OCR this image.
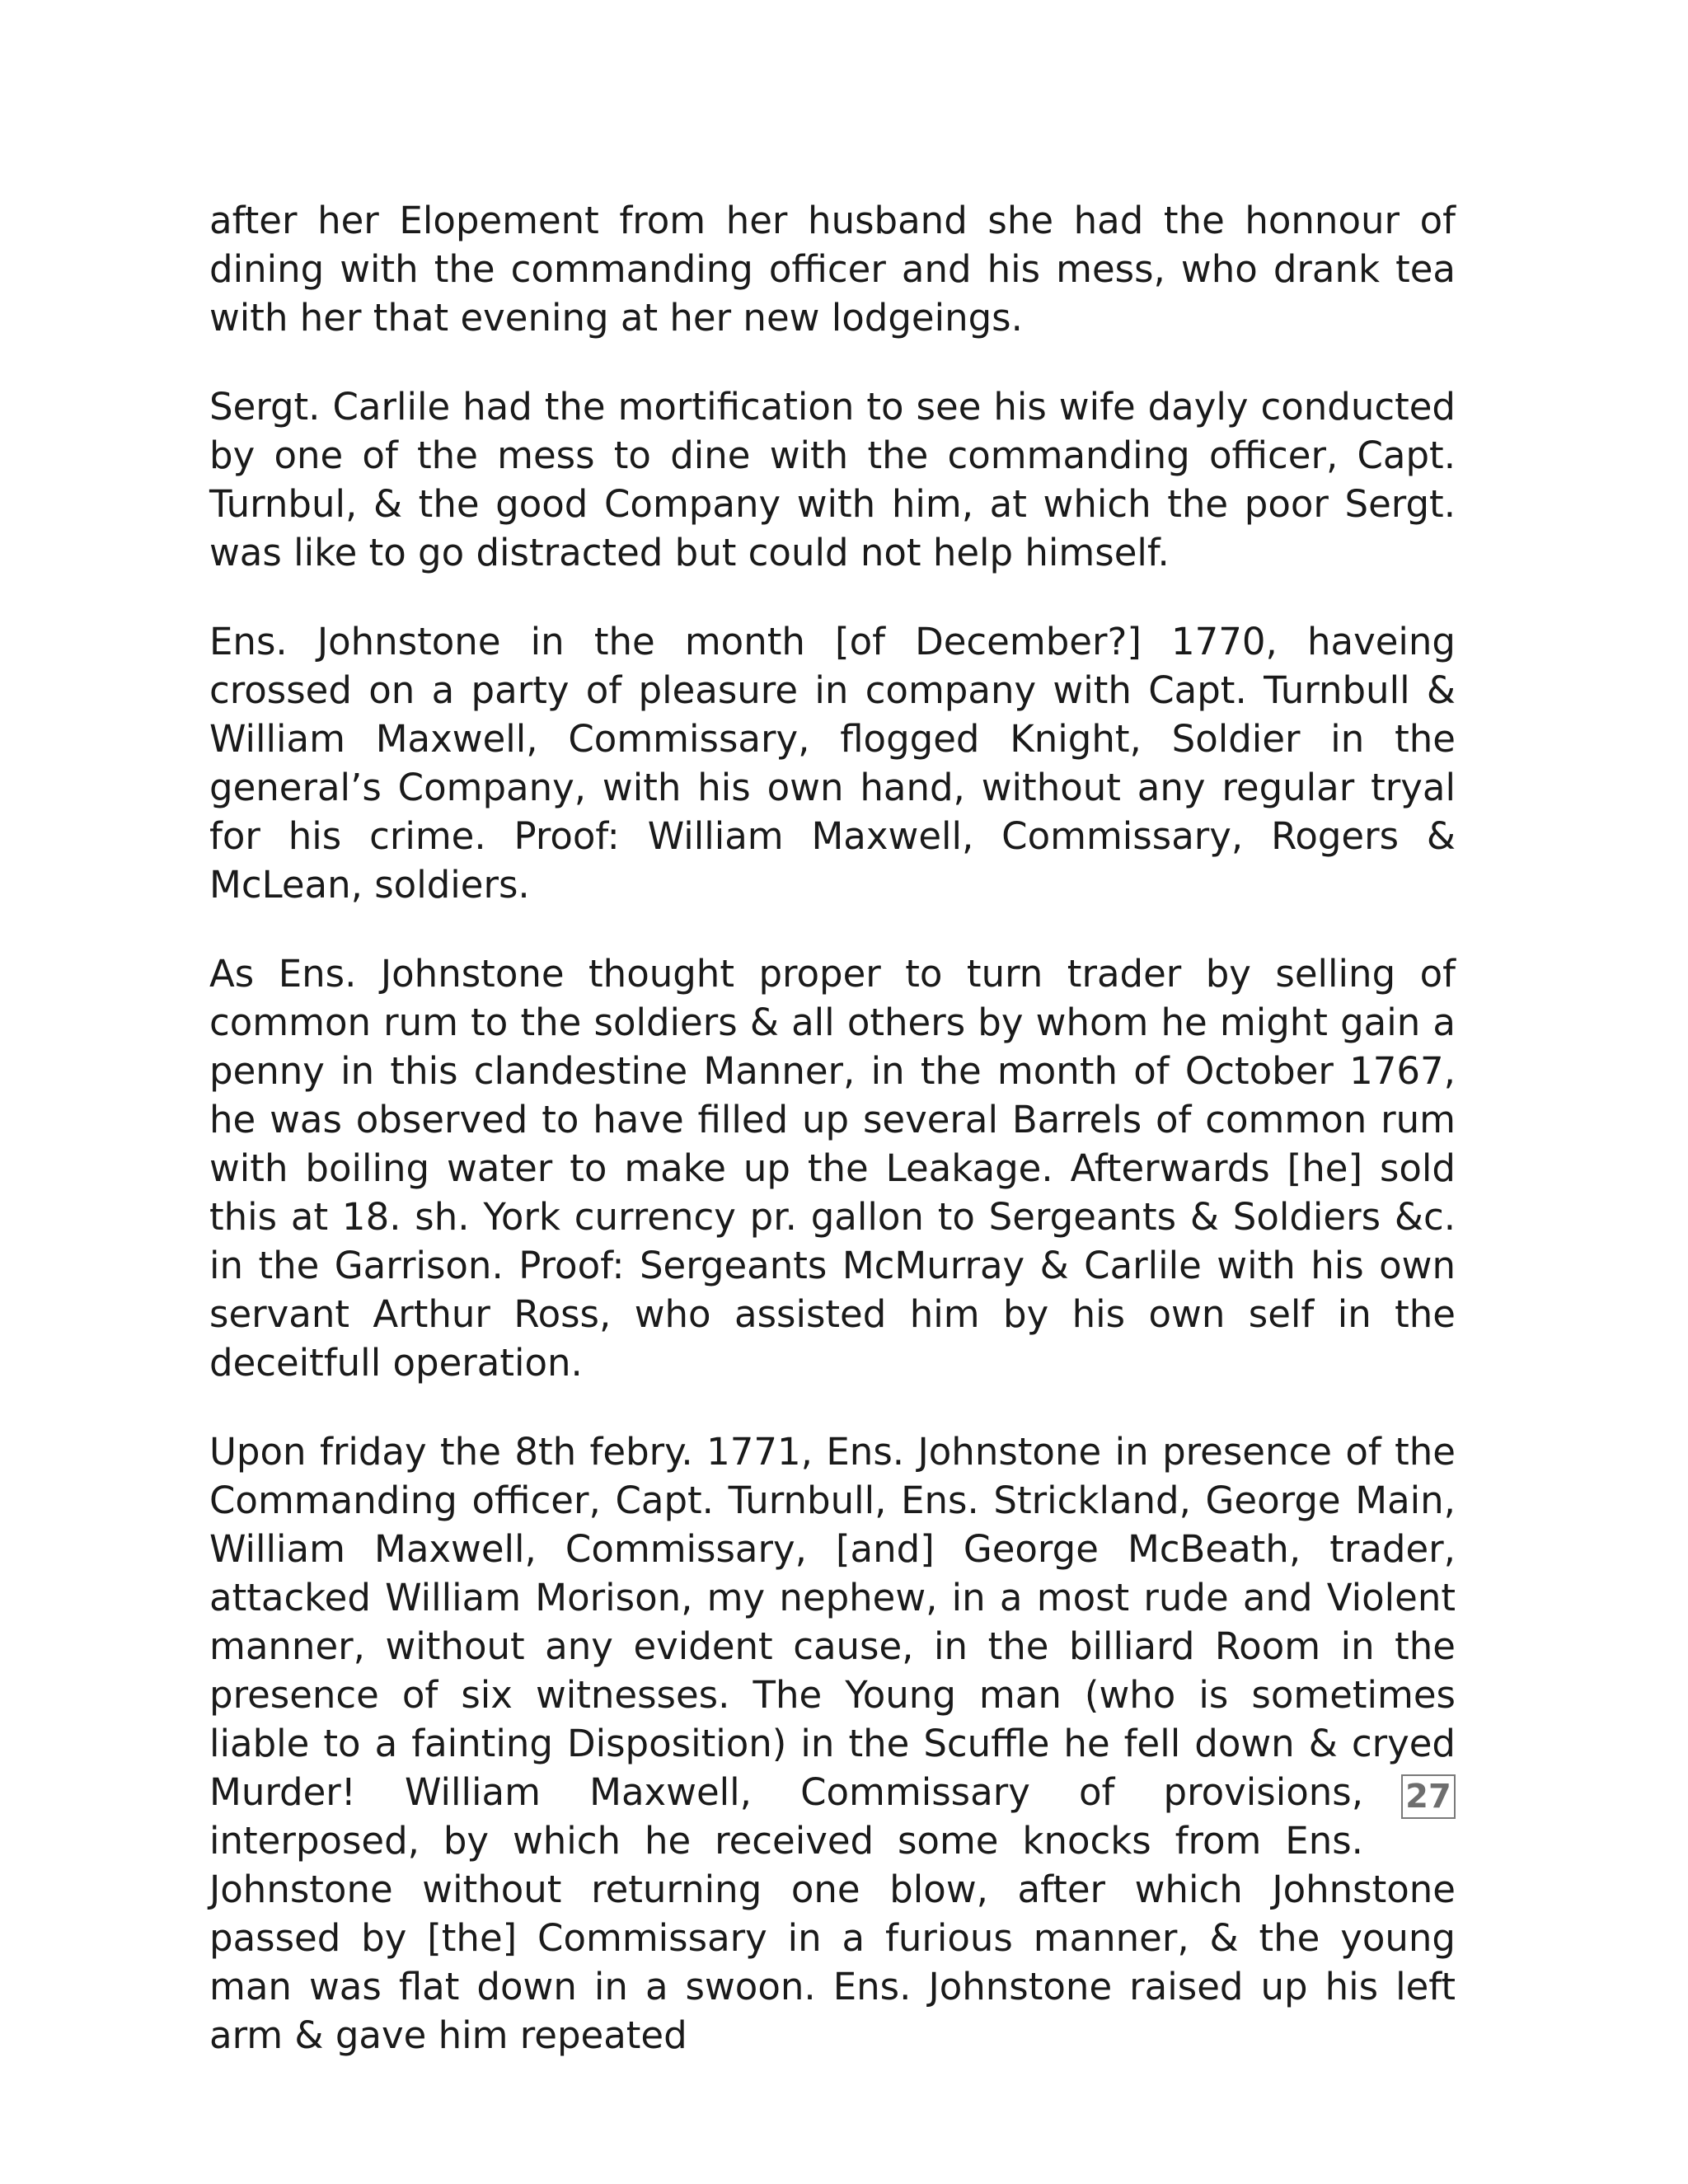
after her Elopement from her husband she had the honnour of dining with the commanding officer and his mess, who drank tea with her that evening at her new lodgeings.

Sergt. Carlile had the mortification to see his wife dayly conducted by one of the mess to dine with the commanding officer, Capt. Turnbul, & the good Company with him, at which the poor Sergt. was like to go distracted but could not help himself.

Ens. Johnstone in the month [of December?] 1770, haveing crossed on a party of pleasure in company with Capt. Turnbull & William Maxwell, Commissary, flogged Knight, Soldier in the general’s Company, with his own hand, without any regular tryal for his crime. Proof: William Maxwell, Commissary, Rogers & McLean, soldiers.

As Ens. Johnstone thought proper to turn trader by selling of common rum to the soldiers & all others by whom he might gain a penny in this clandestine Manner, in the month of October 1767, he was observed to have filled up several Barrels of common rum with boiling water to make up the Leakage. Afterwards [he] sold this at 18. sh. York currency pr. gallon to Sergeants & Soldiers &c. in the Garrison. Proof: Sergeants McMurray & Carlile with his own servant Arthur Ross, who assisted him by his own self in the deceitfull operation.

Upon friday the 8th febry. 1771, Ens. Johnstone in presence of the Commanding officer, Capt. Turnbull, Ens. Strickland, George Main, William Maxwell, Commissary, [and] George McBeath, trader, attacked William Morison, my nephew, in a most rude and Violent manner, without any evident cause, in the billiard Room in the presence of six witnesses. The Young man (who is sometimes liable to a fainting Disposition) in the Scuffle he fell down & cryed Murder!	27
William Maxwell, Commissary of provisions, interposed, by which he received some knocks from Ens. Johnstone without returning one blow, after which Johnstone passed by [the] Commissary in a furious manner, & the young man was flat down in a swoon. Ens. Johnstone raised up his left arm & gave him repeated
